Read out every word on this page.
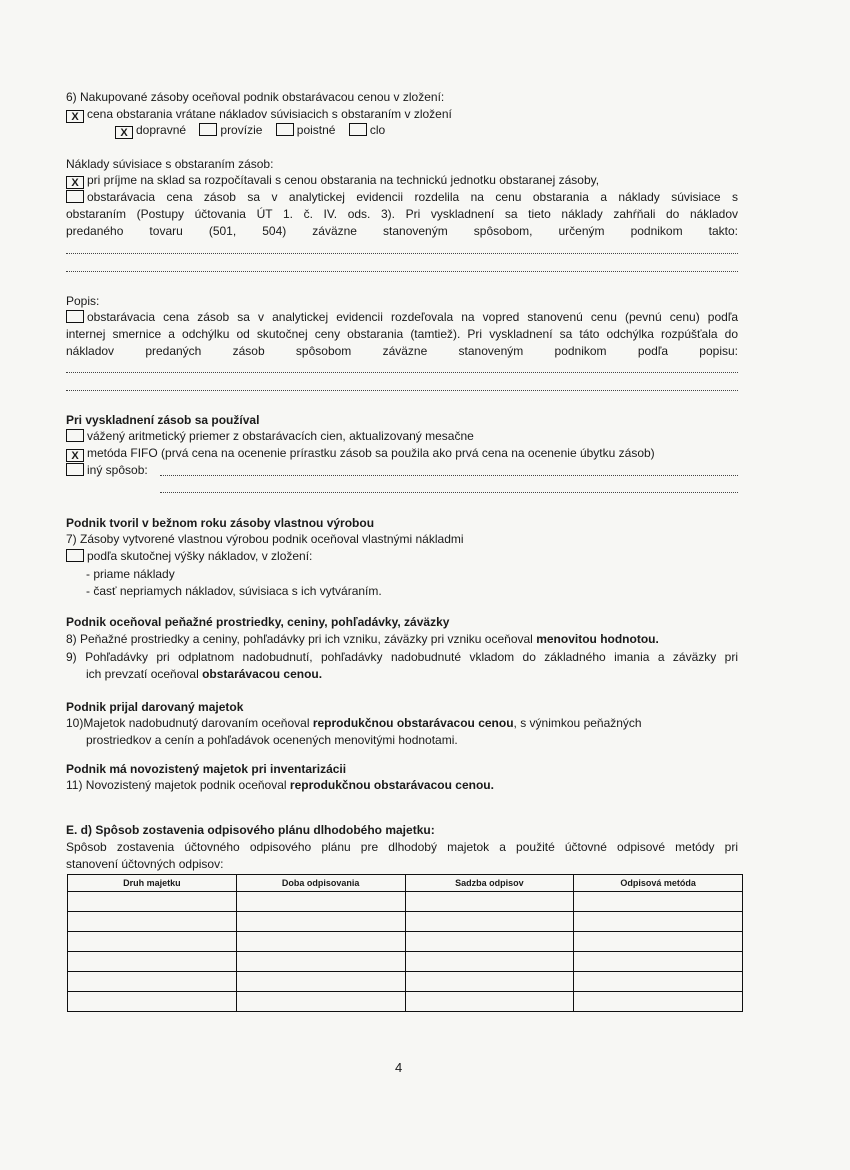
6) Nakupované zásoby oceňoval podnik obstarávacou cenou v zložení:
X cena obstarania vrátane nákladov súvisiacich s obstaraním v zložení
X dopravné	provízie	poistné	clo
Náklady súvisiace s obstaraním zásob:
X pri príjme na sklad sa rozpočítavali s cenou obstarania na technickú jednotku obstaranej zásoby,
obstarávacia cena zásob sa v analytickej evidencii rozdelila na cenu obstarania a náklady súvisiace s
obstaraním (Postupy účtovania ÚT 1. č. IV. ods. 3). Pri vyskladnení sa tieto náklady zahŕňali do nákladov
predaného tovaru (501, 504) záväzne stanoveným spôsobom, určeným podnikom takto:
Popis:
obstarávacia cena zásob sa v analytickej evidencii rozdeľovala na vopred stanovenú cenu (pevnú cenu) podľa
internej smernice a odchýlku od skutočnej ceny obstarania (tamtiež). Pri vyskladnení sa táto odchýlka rozpúšťala do
nákladov predaných zásob spôsobom záväzne stanoveným podnikom podľa popisu:
Pri vyskladnení zásob sa používal
vážený aritmetický priemer z obstarávacích cien, aktualizovaný mesačne
X metóda FIFO (prvá cena na ocenenie prírastku zásob sa použila ako prvá cena na ocenenie úbytku zásob)
iný spôsob:
Podnik tvoril v bežnom roku zásoby vlastnou výrobou
7) Zásoby vytvorené vlastnou výrobou podnik oceňoval vlastnými nákladmi
podľa skutočnej výšky nákladov, v zložení:
- priame náklady
- časť nepriamych nákladov, súvisiaca s ich vytváraním.
Podnik oceňoval peňažné prostriedky, ceniny, pohľadávky, záväzky
8) Peňažné prostriedky a ceniny, pohľadávky pri ich vzniku, záväzky pri vzniku oceňoval menovitou hodnotou.
9) Pohľadávky pri odplatnom nadobudnutí, pohľadávky nadobudnuté vkladom do základného imania a záväzky pri
ich prevzatí oceňoval obstarávacou cenou.
Podnik prijal darovaný majetok
10)Majetok nadobudnutý darovaním oceňoval reprodukčnou obstarávacou cenou, s výnimkou peňažných
prostriedkov a cenín a pohľadávok ocenených menovitými hodnotami.
Podnik má novozistený majetok pri inventarizácii
11) Novozistený majetok podnik oceňoval reprodukčnou obstarávacou cenou.
E. d) Spôsob zostavenia odpisového plánu dlhodobého majetku:
Spôsob zostavenia účtovného odpisového plánu pre dlhodobý majetok a použité účtovné odpisové metódy pri
stanovení účtovných odpisov:
Druh majetku	Doba odpisovania	Sadzba odpisov	Odpisová metóda

4
